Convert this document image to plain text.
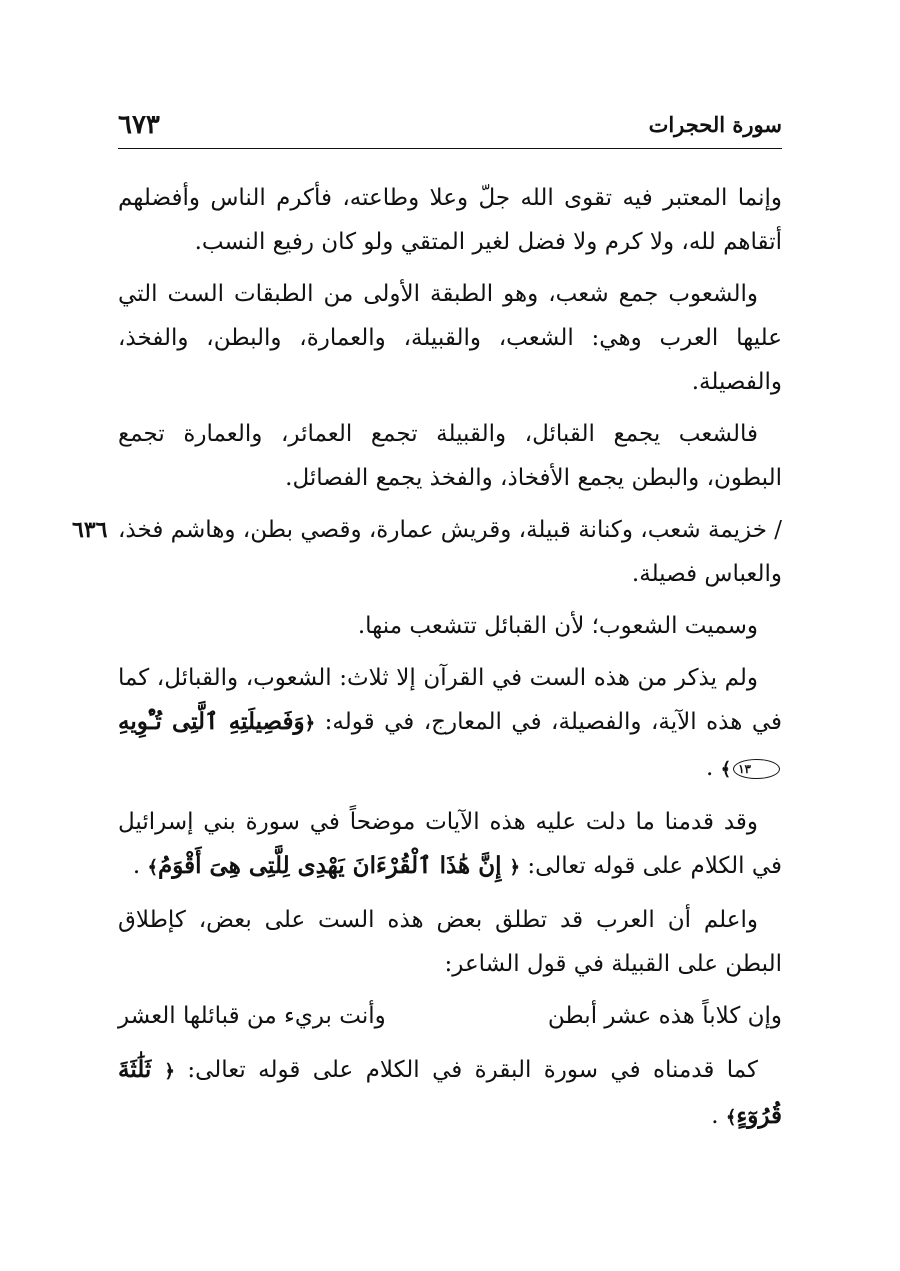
سورة الحجرات
٦٧٣

وإنما المعتبر فيه تقوى الله جلّ وعلا وطاعته، فأكرم الناس وأفضلهم أتقاهم لله، ولا كرم ولا فضل لغير المتقي ولو كان رفيع النسب.

والشعوب جمع شعب، وهو الطبقة الأولى من الطبقات الست التي عليها العرب وهي: الشعب، والقبيلة، والعمارة، والبطن، والفخذ، والفصيلة.

فالشعب يجمع القبائل، والقبيلة تجمع العمائر، والعمارة تجمع البطون، والبطن يجمع الأفخاذ، والفخذ يجمع الفصائل.

/ خزيمة شعب، وكنانة قبيلة، وقريش عمارة، وقصي بطن، وهاشم فخذ، والعباس فصيلة.

٦٣٦

وسميت الشعوب؛ لأن القبائل تتشعب منها.

ولم يذكر من هذه الست في القرآن إلا ثلاث: الشعوب، والقبائل، كما في هذه الآية، والفصيلة، في المعارج، في قوله: ﴿وَفَصِيلَتِهِ ٱلَّتِى تُـْٔوِيهِ١٣﴾ .

وقد قدمنا ما دلت عليه هذه الآيات موضحاً في سورة بني إسرائيل في الكلام على قوله تعالى: ﴿ إِنَّ هَٰذَا ٱلْقُرْءَانَ يَهْدِى لِلَّتِى هِىَ أَقْوَمُ﴾ .

واعلم أن العرب قد تطلق بعض هذه الست على بعض، كإطلاق البطن على القبيلة في قول الشاعر:

وإن كلاباً هذه عشر أبطن
وأنت بريء من قبائلها العشر

كما قدمناه في سورة البقرة في الكلام على قوله تعالى: ﴿ ثَلَٰثَةَ قُرُوٓءٍ﴾ .
